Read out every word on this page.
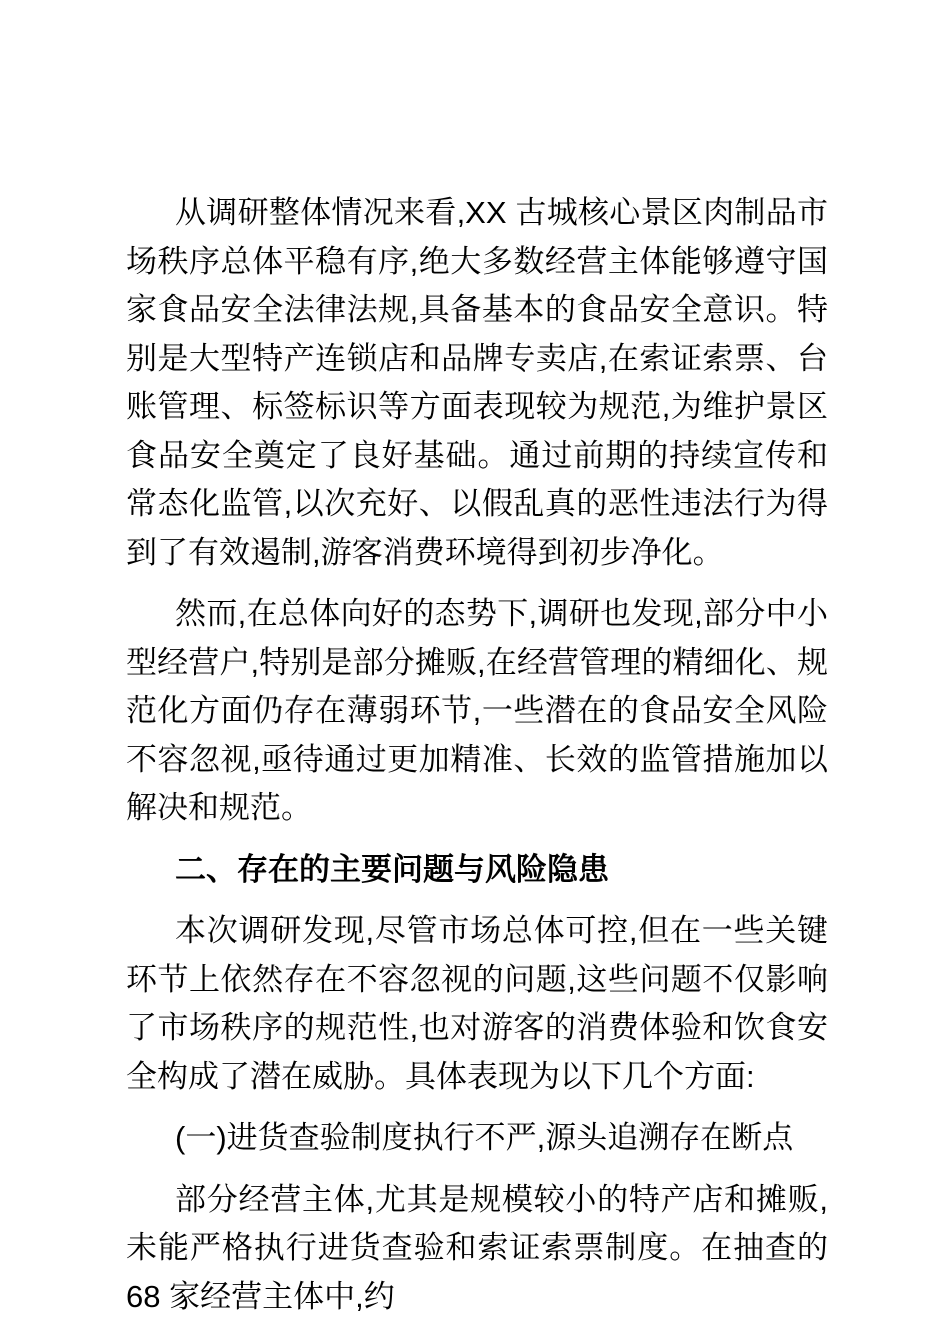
从调研整体情况来看,XX 古城核心景区肉制品市场秩序总体平稳有序,绝大多数经营主体能够遵守国家食品安全法律法规,具备基本的食品安全意识。特别是大型特产连锁店和品牌专卖店,在索证索票、台账管理、标签标识等方面表现较为规范,为维护景区食品安全奠定了良好基础。通过前期的持续宣传和常态化监管,以次充好、以假乱真的恶性违法行为得到了有效遏制,游客消费环境得到初步净化。

然而,在总体向好的态势下,调研也发现,部分中小型经营户,特别是部分摊贩,在经营管理的精细化、规范化方面仍存在薄弱环节,一些潜在的食品安全风险不容忽视,亟待通过更加精准、长效的监管措施加以解决和规范。

二、存在的主要问题与风险隐患

本次调研发现,尽管市场总体可控,但在一些关键环节上依然存在不容忽视的问题,这些问题不仅影响了市场秩序的规范性,也对游客的消费体验和饮食安全构成了潜在威胁。具体表现为以下几个方面:

(一)进货查验制度执行不严,源头追溯存在断点

部分经营主体,尤其是规模较小的特产店和摊贩,未能严格执行进货查验和索证索票制度。在抽查的 68 家经营主体中,约
